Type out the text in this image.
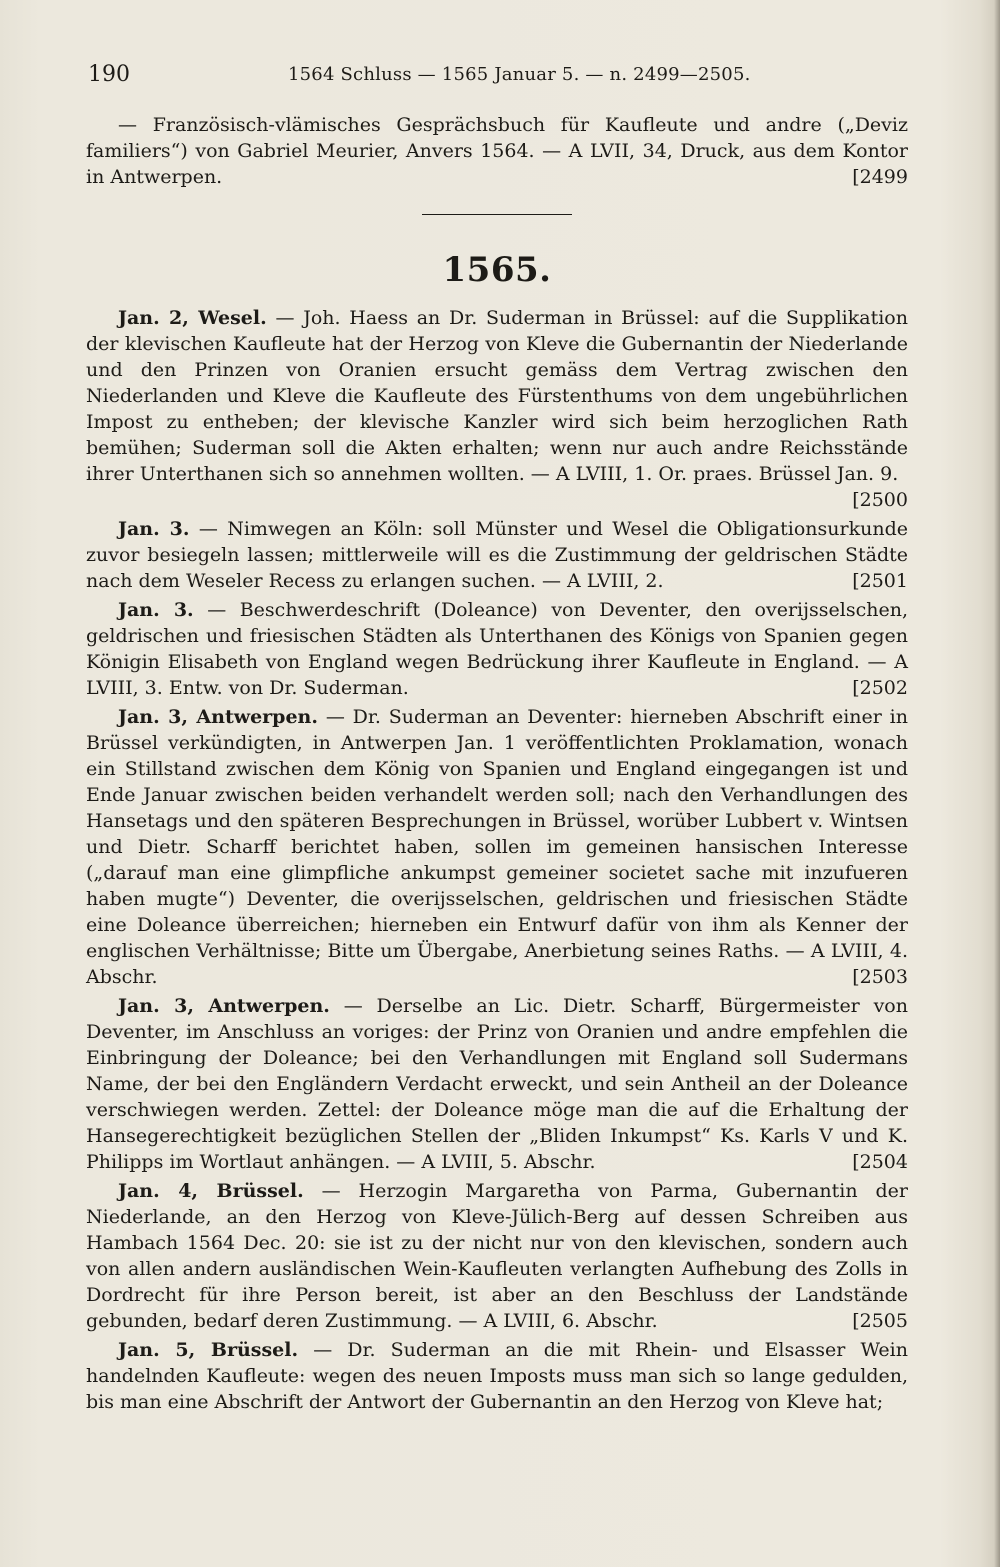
190	1564 Schluss — 1565 Januar 5. — n. 2499—2505.

— Französisch-vlämisches Gesprächsbuch für Kaufleute und andre („Deviz familiers“) von Gabriel Meurier, Anvers 1564. — A LVII, 34, Druck, aus dem Kontor in Antwerpen.	[2499

1565.

Jan. 2, Wesel. — Joh. Haess an Dr. Suderman in Brüssel: auf die Supplikation der klevischen Kaufleute hat der Herzog von Kleve die Gubernantin der Niederlande und den Prinzen von Oranien ersucht gemäss dem Vertrag zwischen den Niederlanden und Kleve die Kaufleute des Fürstenthums von dem ungebührlichen Impost zu entheben; der klevische Kanzler wird sich beim herzoglichen Rath bemühen; Suderman soll die Akten erhalten; wenn nur auch andre Reichsstände ihrer Unterthanen sich so annehmen wollten. — A LVIII, 1. Or. praes. Brüssel Jan. 9.
[2500

Jan. 3. — Nimwegen an Köln: soll Münster und Wesel die Obligationsurkunde zuvor besiegeln lassen; mittlerweile will es die Zustimmung der geldrischen Städte nach dem Weseler Recess zu erlangen suchen. — A LVIII, 2.	[2501

Jan. 3. — Beschwerdeschrift (Doleance) von Deventer, den overijsselschen, geldrischen und friesischen Städten als Unterthanen des Königs von Spanien gegen Königin Elisabeth von England wegen Bedrückung ihrer Kaufleute in England. — A LVIII, 3. Entw. von Dr. Suderman.	[2502

Jan. 3, Antwerpen. — Dr. Suderman an Deventer: hierneben Abschrift einer in Brüssel verkündigten, in Antwerpen Jan. 1 veröffentlichten Proklamation, wonach ein Stillstand zwischen dem König von Spanien und England eingegangen ist und Ende Januar zwischen beiden verhandelt werden soll; nach den Verhandlungen des Hansetags und den späteren Besprechungen in Brüssel, worüber Lubbert v. Wintsen und Dietr. Scharff berichtet haben, sollen im gemeinen hansischen Interesse („darauf man eine glimpfliche ankumpst gemeiner societet sache mit inzufueren haben mugte“) Deventer, die overijsselschen, geldrischen und friesischen Städte eine Doleance überreichen; hierneben ein Entwurf dafür von ihm als Kenner der englischen Verhältnisse; Bitte um Übergabe, Anerbietung seines Raths. — A LVIII, 4. Abschr.	[2503

Jan. 3, Antwerpen. — Derselbe an Lic. Dietr. Scharff, Bürgermeister von Deventer, im Anschluss an voriges: der Prinz von Oranien und andre empfehlen die Einbringung der Doleance; bei den Verhandlungen mit England soll Sudermans Name, der bei den Engländern Verdacht erweckt, und sein Antheil an der Doleance verschwiegen werden. Zettel: der Doleance möge man die auf die Erhaltung der Hansegerechtigkeit bezüglichen Stellen der „Bliden Inkumpst“ Ks. Karls V und K. Philipps im Wortlaut anhängen. — A LVIII, 5. Abschr.	[2504

Jan. 4, Brüssel. — Herzogin Margaretha von Parma, Gubernantin der Niederlande, an den Herzog von Kleve-Jülich-Berg auf dessen Schreiben aus Hambach 1564 Dec. 20: sie ist zu der nicht nur von den klevischen, sondern auch von allen andern ausländischen Wein-Kaufleuten verlangten Aufhebung des Zolls in Dordrecht für ihre Person bereit, ist aber an den Beschluss der Landstände gebunden, bedarf deren Zustimmung. — A LVIII, 6. Abschr.	[2505

Jan. 5, Brüssel. — Dr. Suderman an die mit Rhein- und Elsasser Wein handelnden Kaufleute: wegen des neuen Imposts muss man sich so lange gedulden, bis man eine Abschrift der Antwort der Gubernantin an den Herzog von Kleve hat;
